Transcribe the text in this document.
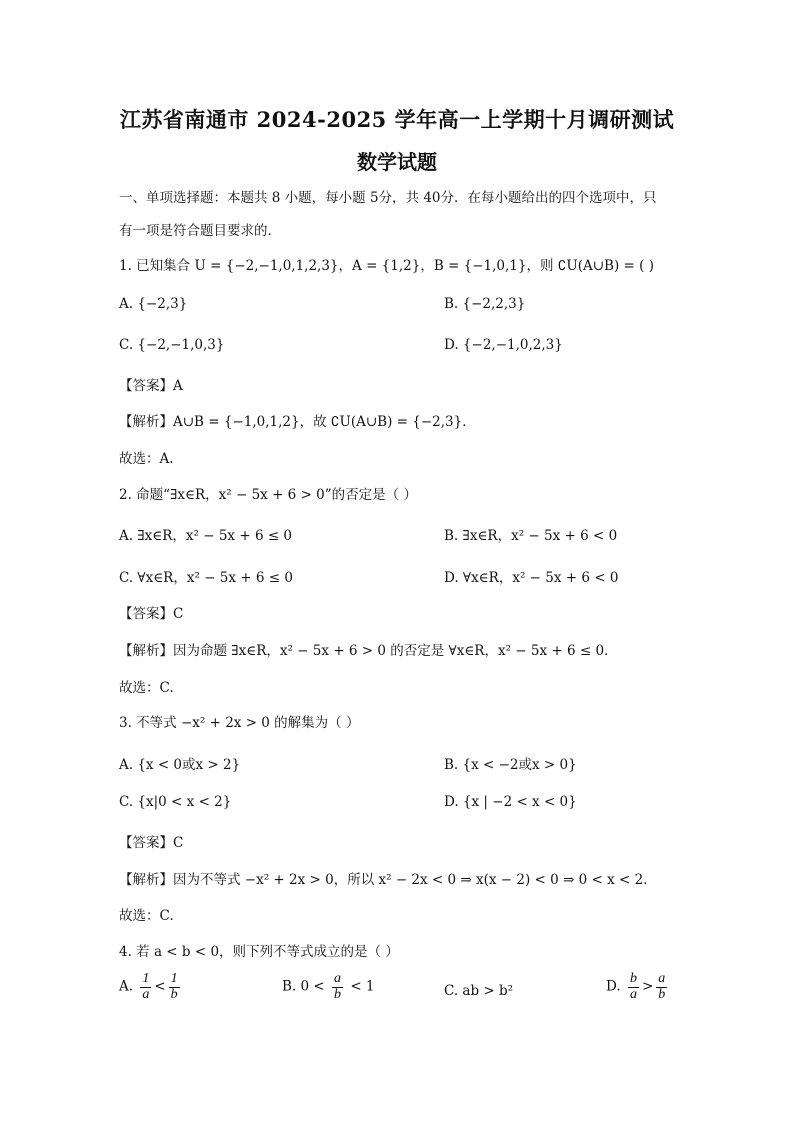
江苏省南通市 2024-2025 学年高一上学期十月调研测试
数学试题
一、单项选择题：本题共 8 小题，每小题 5分，共 40分．在每小题给出的四个选项中，只
有一项是符合题目要求的．
1. 已知集合 U = {−2,−1,0,1,2,3}，A = {1,2}，B = {−1,0,1}，则 ∁U(A∪B) = ( )
A. {−2,3}	B. {−2,2,3}
C. {−2,−1,0,3}	D. {−2,−1,0,2,3}
【答案】A
【解析】A∪B = {−1,0,1,2}，故 ∁U(A∪B) = {−2,3}．
故选：A.
2. 命题“∃x∈R，x² − 5x + 6 > 0”的否定是（ ）
A. ∃x∈R，x² − 5x + 6 ≤ 0	B. ∃x∈R，x² − 5x + 6 < 0
C. ∀x∈R，x² − 5x + 6 ≤ 0	D. ∀x∈R，x² − 5x + 6 < 0
【答案】C
【解析】因为命题 ∃x∈R，x² − 5x + 6 > 0 的否定是 ∀x∈R，x² − 5x + 6 ≤ 0．
故选：C.
3. 不等式 −x² + 2x > 0 的解集为（ ）
A. {x < 0或x > 2}	B. {x < −2或x > 0}
C. {x|0 < x < 2}	D. {x | −2 < x < 0}
【答案】C
【解析】因为不等式 −x² + 2x > 0，所以 x² − 2x < 0 ⇒ x(x − 2) < 0 ⇒ 0 < x < 2．
故选：C.
4. 若 a < b < 0，则下列不等式成立的是（ ）
A. $\frac{1}{a} < \frac{1}{b}$	B. $0 < \frac{a}{b} < 1$	C. ab > b²	D. $\frac{b}{a} > \frac{a}{b}$
